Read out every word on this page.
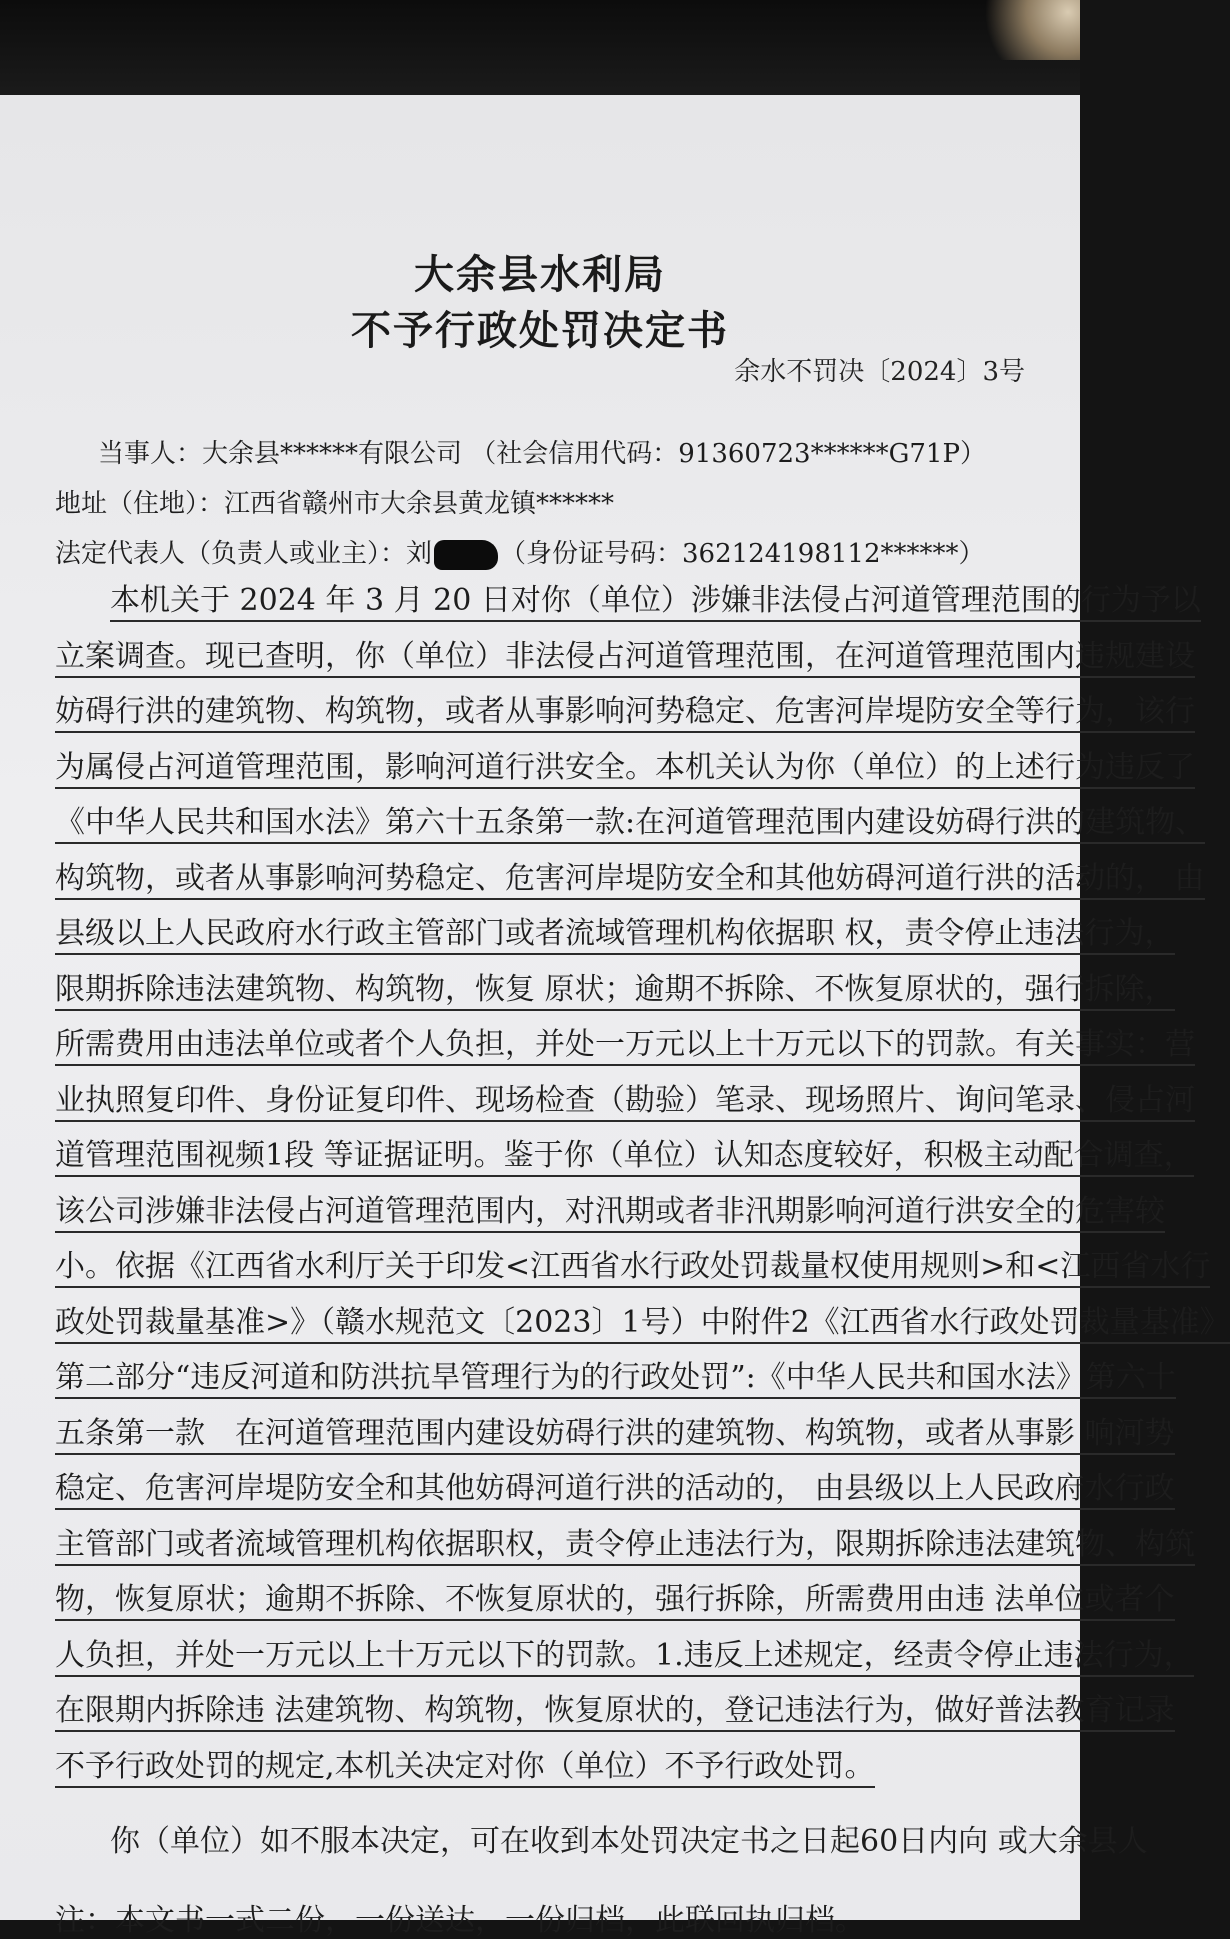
大余县水利局
不予行政处罚决定书
余水不罚决〔2024〕3号
当事人：大余县******有限公司 （社会信用代码：91360723******G71P）
地址（住地）：江西省赣州市大余县黄龙镇******
法定代表人（负责人或业主）：刘	（身份证号码：362124198112******）
本机关于 2024 年 3 月 20 日对你（单位）涉嫌非法侵占河道管理范围的行为予以
立案调查。现已查明，你（单位）非法侵占河道管理范围，在河道管理范围内违规建设
妨碍行洪的建筑物、构筑物，或者从事影响河势稳定、危害河岸堤防安全等行为，该行
为属侵占河道管理范围，影响河道行洪安全。本机关认为你（单位）的上述行为违反了
《中华人民共和国水法》第六十五条第一款:在河道管理范围内建设妨碍行洪的建筑物、
构筑物，或者从事影响河势稳定、危害河岸堤防安全和其他妨碍河道行洪的活动的， 由
县级以上人民政府水行政主管部门或者流域管理机构依据职 权，责令停止违法行为，
限期拆除违法建筑物、构筑物，恢复 原状；逾期不拆除、不恢复原状的，强行拆除，
所需费用由违法单位或者个人负担，并处一万元以上十万元以下的罚款。有关事实：营
业执照复印件、身份证复印件、现场检查（勘验）笔录、现场照片、询问笔录、侵占河
道管理范围视频1段 等证据证明。鉴于你（单位）认知态度较好，积极主动配合调查，
该公司涉嫌非法侵占河道管理范围内，对汛期或者非汛期影响河道行洪安全的危害较
小。依据《江西省水利厅关于印发<江西省水行政处罚裁量权使用规则>和<江西省水行
政处罚裁量基准>》（赣水规范文〔2023〕1号）中附件2《江西省水行政处罚裁量基准》
第二部分“违反河道和防洪抗旱管理行为的行政处罚”:《中华人民共和国水法》第六十
五条第一款　在河道管理范围内建设妨碍行洪的建筑物、构筑物，或者从事影 响河势
稳定、危害河岸堤防安全和其他妨碍河道行洪的活动的， 由县级以上人民政府水行政
主管部门或者流域管理机构依据职权，责令停止违法行为，限期拆除违法建筑物、构筑
物，恢复原状；逾期不拆除、不恢复原状的，强行拆除，所需费用由违 法单位或者个
人负担，并处一万元以上十万元以下的罚款。1.违反上述规定，经责令停止违法行为，
在限期内拆除违 法建筑物、构筑物，恢复原状的，登记违法行为，做好普法教育记录
不予行政处罚的规定,本机关决定对你（单位）不予行政处罚。
你（单位）如不服本决定，可在收到本处罚决定书之日起60日内向 或大余县人
注：本文书一式二份，一份送达，一份归档，此联回执归档。
